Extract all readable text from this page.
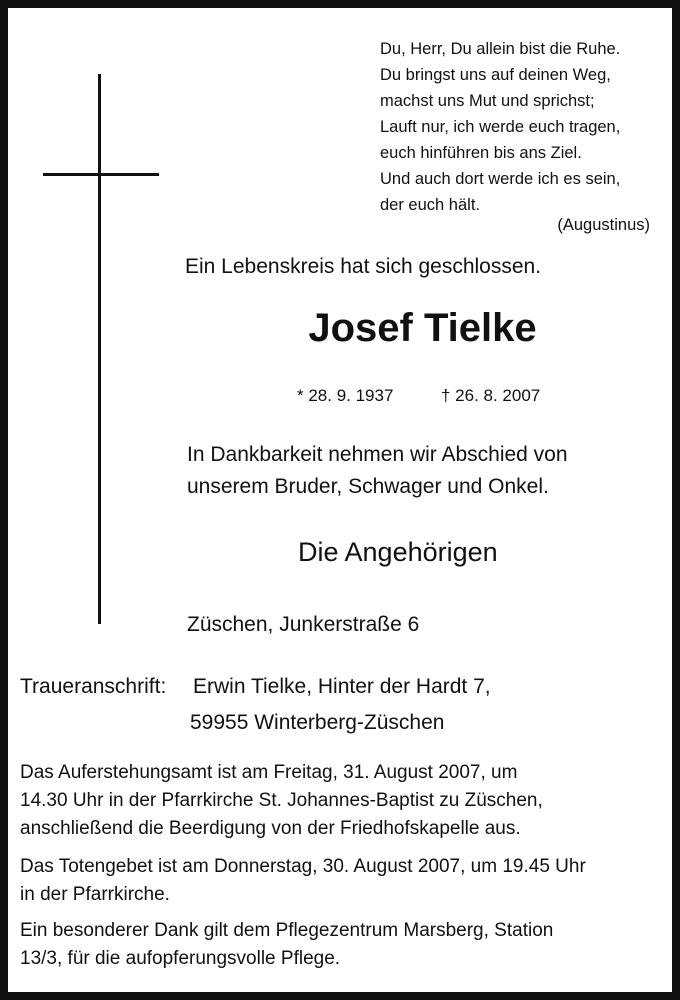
Du, Herr, Du allein bist die Ruhe.
Du bringst uns auf deinen Weg,
machst uns Mut und sprichst;
Lauft nur, ich werde euch tragen,
euch hinführen bis ans Ziel.
Und auch dort werde ich es sein,
der euch hält.
(Augustinus)
Ein Lebenskreis hat sich geschlossen.
Josef Tielke
* 28. 9. 1937	† 26. 8. 2007
In Dankbarkeit nehmen wir Abschied von
unserem Bruder, Schwager und Onkel.
Die Angehörigen
Züschen, Junkerstraße 6
Traueranschrift: Erwin Tielke, Hinter der Hardt 7,
59955 Winterberg-Züschen
Das Auferstehungsamt ist am Freitag, 31. August 2007, um
14.30 Uhr in der Pfarrkirche St. Johannes-Baptist zu Züschen,
anschließend die Beerdigung von der Friedhofskapelle aus.
Das Totengebet ist am Donnerstag, 30. August 2007, um 19.45 Uhr
in der Pfarrkirche.
Ein besonderer Dank gilt dem Pflegezentrum Marsberg, Station
13/3, für die aufopferungsvolle Pflege.
